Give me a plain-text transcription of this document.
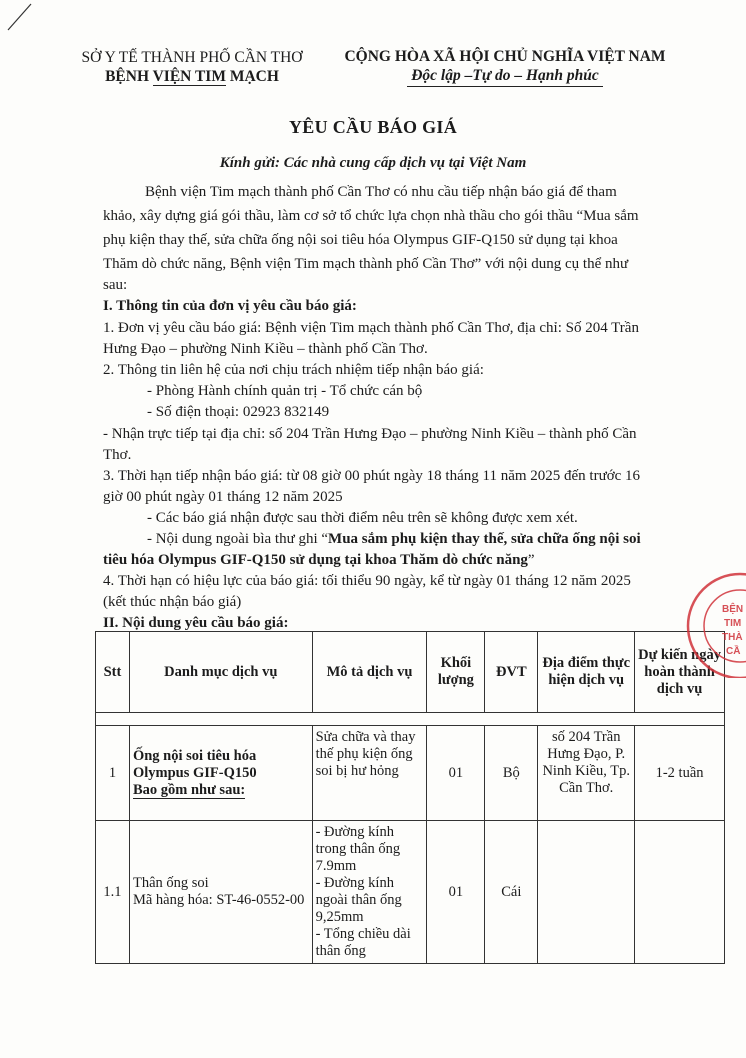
SỞ Y TẾ THÀNH PHỐ CẦN THƠ
BỆNH VIỆN TIM MẠCH
CỘNG HÒA XÃ HỘI CHỦ NGHĨA VIỆT NAM
Độc lập –Tự do – Hạnh phúc
YÊU CẦU BÁO GIÁ
Kính gửi: Các nhà cung cấp dịch vụ tại Việt Nam
Bệnh viện Tim mạch thành phố Cần Thơ có nhu cầu tiếp nhận báo giá để tham
khảo, xây dựng giá gói thầu, làm cơ sở tổ chức lựa chọn nhà thầu cho gói thầu “Mua sắm
phụ kiện thay thế, sửa chữa ống nội soi tiêu hóa Olympus GIF-Q150 sử dụng tại khoa
Thăm dò chức năng, Bệnh viện Tim mạch thành phố Cần Thơ” với nội dung cụ thể như
sau:
I. Thông tin của đơn vị yêu cầu báo giá:
1. Đơn vị yêu cầu báo giá: Bệnh viện Tim mạch thành phố Cần Thơ, địa chỉ: Số 204 Trần
Hưng Đạo – phường Ninh Kiều – thành phố Cần Thơ.
2. Thông tin liên hệ của nơi chịu trách nhiệm tiếp nhận báo giá:
- Phòng Hành chính quản trị - Tổ chức cán bộ
- Số điện thoại: 02923 832149
- Nhận trực tiếp tại địa chỉ: số 204 Trần Hưng Đạo – phường Ninh Kiều – thành phố Cần
Thơ.
3. Thời hạn tiếp nhận báo giá: từ 08 giờ 00 phút ngày 18 tháng 11 năm 2025 đến trước 16
giờ 00 phút ngày 01 tháng 12 năm 2025
- Các báo giá nhận được sau thời điểm nêu trên sẽ không được xem xét.
- Nội dung ngoài bìa thư ghi “Mua sắm phụ kiện thay thế, sửa chữa ống nội soi
tiêu hóa Olympus GIF-Q150 sử dụng tại khoa Thăm dò chức năng”
4. Thời hạn có hiệu lực của báo giá: tối thiểu 90 ngày, kể từ ngày 01 tháng 12 năm 2025
(kết thúc nhận báo giá)
II. Nội dung yêu cầu báo giá:
Stt	Danh mục dịch vụ	Mô tả dịch vụ	Khối lượng	ĐVT	Địa điểm thực hiện dịch vụ	Dự kiến ngày hoàn thành dịch vụ

1	Ống nội soi tiêu hóa Olympus GIF-Q150
Bao gồm như sau:	Sửa chữa và thay thế phụ kiện ống soi bị hư hỏng	01	Bộ	số 204 Trần Hưng Đạo, P. Ninh Kiều, Tp. Cần Thơ.	1-2 tuần
1.1	Thân ống soi
Mã hàng hóa: ST-46-0552-00	- Đường kính trong thân ống 7.9mm
- Đường kính ngoài thân ống 9,25mm
- Tổng chiều dài thân ống	01	Cái		
BỆN
TIM
THÀ
CẦ
